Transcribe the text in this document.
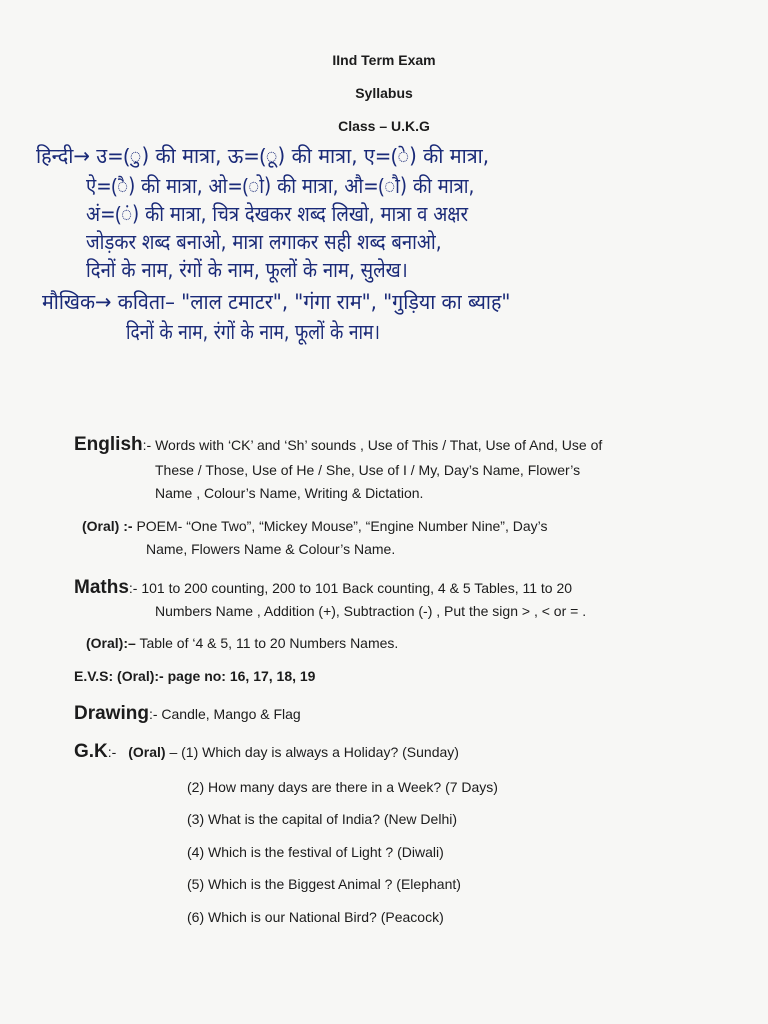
IInd Term Exam
Syllabus
Class – U.K.G
हिन्दी→ उ=(ु) की मात्रा, ऊ=(ू) की मात्रा, ए=(े) की मात्रा,
ऐ=(ै) की मात्रा, ओ=(ो) की मात्रा, औ=(ौ) की मात्रा,
अं=(ं) की मात्रा, चित्र देखकर शब्द लिखो, मात्रा व अक्षर
जोड़कर शब्द बनाओ, मात्रा लगाकर सही शब्द बनाओ,
दिनों के नाम, रंगों के नाम, फूलों के नाम, सुलेख।
मौखिक→ कविता– "लाल टमाटर", "गंगा राम", "गुड़िया का ब्याह"
दिनों के नाम, रंगों के नाम, फूलों के नाम।
English:- Words with ‘CK’ and ‘Sh’ sounds , Use of This / That, Use of And, Use of
These / Those, Use of He / She, Use of I / My, Day’s Name, Flower’s
Name , Colour’s Name, Writing & Dictation.
(Oral) :- POEM- “One Two”, “Mickey Mouse”, “Engine Number Nine”, Day’s
Name, Flowers Name & Colour’s Name.
Maths:- 101 to 200 counting, 200 to 101 Back counting, 4 & 5 Tables, 11 to 20
Numbers Name , Addition (+), Subtraction (-) , Put the sign > , < or = .
(Oral):– Table of ‘4 & 5, 11 to 20 Numbers Names.
E.V.S: (Oral):- page no: 16, 17, 18, 19
Drawing:- Candle, Mango & Flag
G.K:- (Oral) – (1) Which day is always a Holiday? (Sunday)
(2) How many days are there in a Week? (7 Days)
(3) What is the capital of India? (New Delhi)
(4) Which is the festival of Light ? (Diwali)
(5) Which is the Biggest Animal ? (Elephant)
(6) Which is our National Bird? (Peacock)
